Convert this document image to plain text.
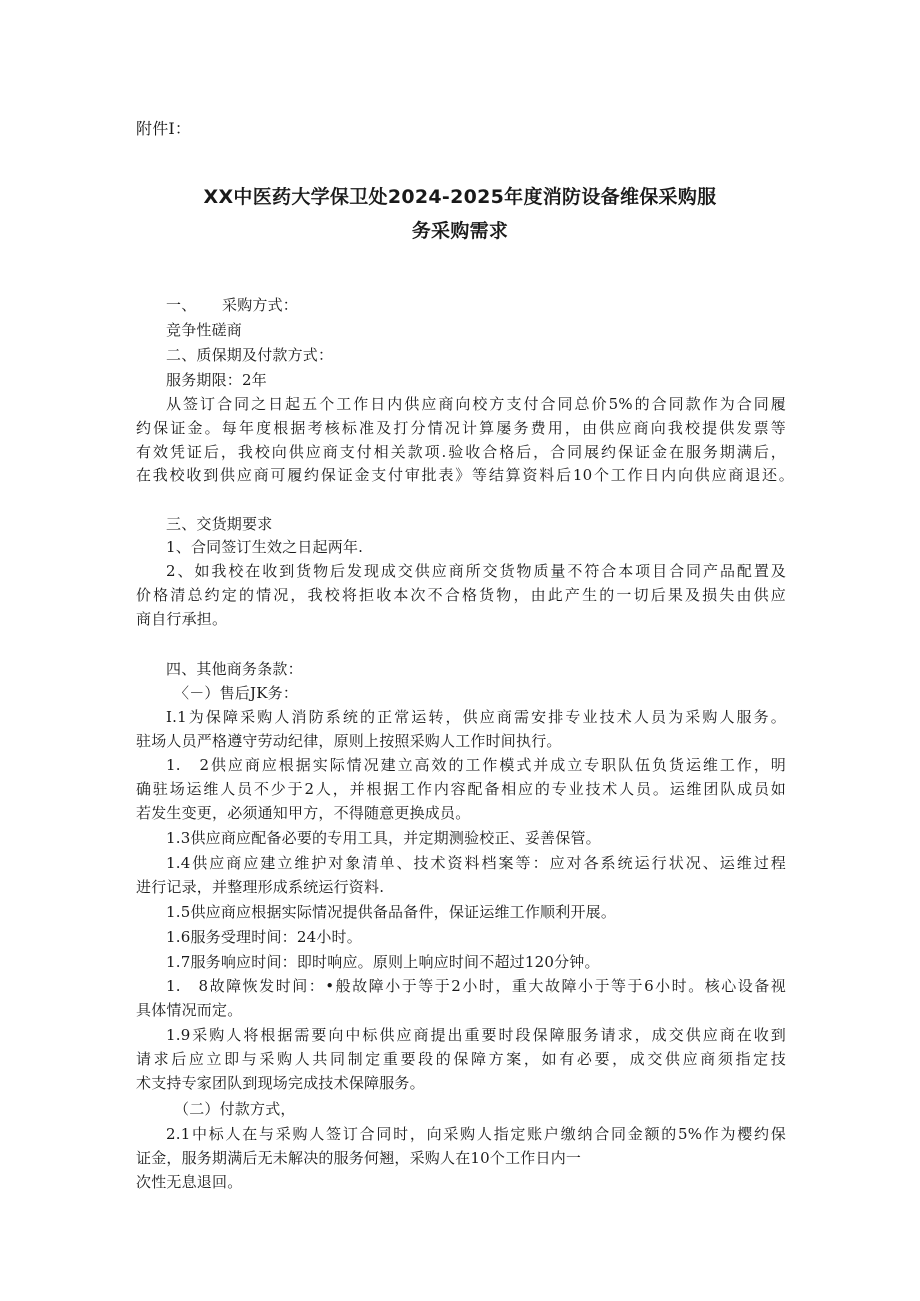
附件I：

XX中医药大学保卫处2024-2025年度消防设备维保采购服
务采购需求

一、 采购方式：

竞争性磋商

二、质保期及付款方式：

服务期限：2年

从签订合同之日起五个工作日内供应商向校方支付合同总价5%的合同款作为合同履

约保证金。每年度根据考核标准及打分情况计算屡务费用，由供应商向我校提供发票等

有效凭证后，我校向供应商支付相关款项.验收合格后，合同展约保证金在服务期满后，

在我校收到供应商可履约保证金支付审批表》等结算资料后10个工作日内向供应商退还。

三、交货期要求

1、合同签订生效之日起两年.

2、如我校在收到货物后发现成交供应商所交货物质量不符合本项目合同产品配置及

价格清总约定的情况，我校将拒收本次不合格货物，由此产生的一切后果及损失由供应

商自行承担。

四、其他商务条款：

〈－）售后JK务：

I.1为保障采购人消防系统的正常运转，供应商需安排专业技术人员为采购人服务。

驻场人员严格遵守劳动纪律，原则上按照采购人工作时间执行。

1.　2供应商应根据实际情况建立高效的工作模式并成立专职队伍负货运维工作，明

确驻场运维人员不少于2人，并根据工作内容配备相应的专业技术人员。运维团队成员如

若发生变更，必须通知甲方，不得随意更换成员。

1.3供应商应配备必要的专用工具，并定期测验校正、妥善保管。

1.4供应商应建立维护对象清单、技术资料档案等：应对各系统运行状况、运维过程

进行记录，并整理形成系统运行资料.

1.5供应商应根据实际情况提供备品备件，保证运维工作顺利开展。

1.6服务受理时间：24小时。

1.7服务响应时间：即时响应。原则上响应时间不超过120分钟。

1.　8故障恢发时间：•般故障小于等于2小时，重大故障小于等于6小时。核心设备视

具体情况而定。

1.9采购人将根据需要向中标供应商提出重要时段保障服务请求，成交供应商在收到

请求后应立即与采购人共同制定重要段的保障方案，如有必要，成交供应商须指定技

术支持专家团队到现场完成技术保障服务。

（二）付款方式，

2.1中标人在与采购人签订合同时，向采购人指定账户缴纳合同金额的5%作为樱约保

证金，服务期满后无未解决的服务何翘，采购人在10个工作日内一

次性无息退回。
